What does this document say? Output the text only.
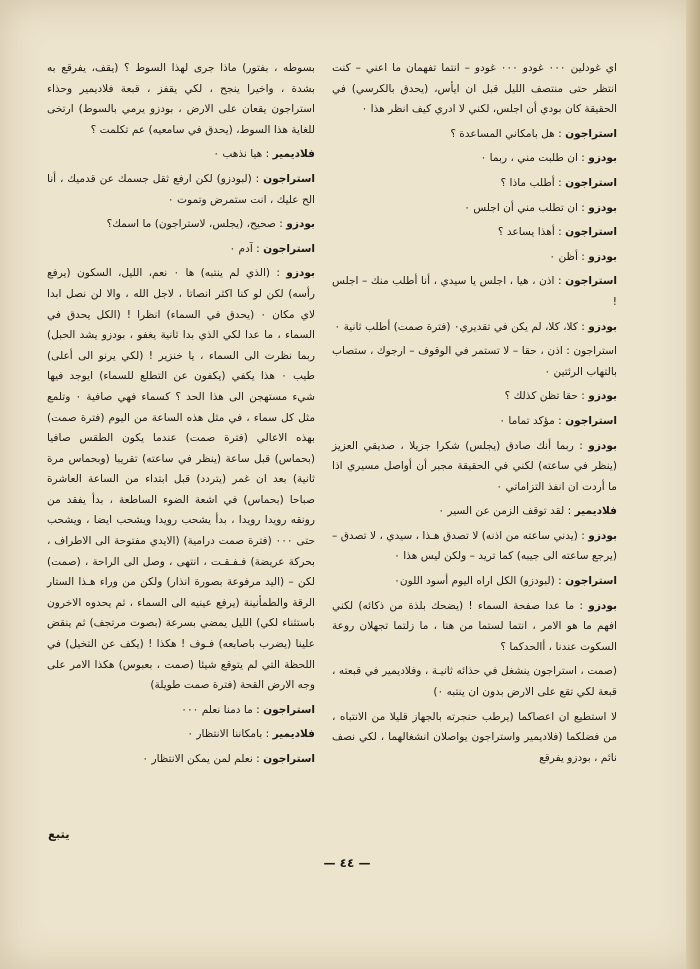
اي غودلين ٠٠٠ غودو ٠٠٠ غودو – انتما تفهمان ما اعني – كنت انتظر حتى منتصف الليل قبل ان ايأس، (يحدق بالكرسي) في الحقيقة كان بودي أن اجلس، لكني لا ادري كيف انظر هذا ٠

استراجون : هل بامكاني المساعدة ؟

بودزو : ان طلبت مني ، ربما ٠

استراجون : أطلب ماذا ؟

بودزو : ان تطلب مني أن اجلس ٠

استراجون : أهذا يساعد ؟

بودزو : أظن ٠

استراجون : اذن ، هيا ، اجلس يا سيدي ، أنا أطلب منك – اجلس !

بودزو : كلا، كلا، لم يكن في تقديري٠ (فترة صمت) أطلب ثانية ٠

استراجون : اذن ، حقا – لا تستمر في الوقوف – ارجوك ، ستصاب بالتهاب الرئتين ٠

بودزو : حقا تظن كذلك ؟

استراجون : مؤكد تماما ٠

بودزو : ربما أنك صادق (يجلس) شكرا جزيلا ، صديقي العزيز (ينظر في ساعته) لكني في الحقيقة مجبر أن أواصل مسيري اذا ما أردت ان انفذ التزاماتي ٠

فلاديمير : لقد توقف الزمن عن السير ٠

بودزو : (يدني ساعته من اذنه) لا تصدق هـذا ، سيدي ، لا تصدق – (يرجع ساعته الى جيبه) كما تريد – ولكن ليس هذا ٠

استراجون : (لبودزو) الكل اراه اليوم أسود اللون٠

بودزو : ما عدا صفحة السماء ! (يضحك بلذة من ذكائه) لكني افهم ما هو الامر ، انتما لستما من هنا ، ما زلتما تجهلان روعة السكوت عندنا ، أالحدكما ؟

(صمت ، استراجون ينشغل في حذائه ثانيـة ، وفلاديمير في قبعته ، قبعة لكي تقع على الارض بدون ان ينتبه ٠)

لا استطيع ان اعصاكما (يرطب حنجرته بالجهاز قليلا من الانتباه ، من فضلكما (فلاديمير واستراجون يواصلان انشغالهما ، لكي نصف نائم ، بودزو يفرقع

بسوطه ، بفتور) ماذا جرى لهذا السوط ؟ (يقف، يفرقع به بشدة ، واخيرا ينجح ، لكي يقفز ، قبعة فلاديمير وحذاء استراجون يقعان على الارض ، بودزو يرمي بالسوط) ارتخى للغاية هذا السوط، (يحدق في سامعيه) عم تكلمت ؟

فلاديمير : هيا نذهب ٠

استراجون : (لبودزو) لكن ارفع ثقل جسمك عن قدميك ، أنا الح عليك ، انت ستمرض وتموت ٠

بودزو : صحيح، (يجلس، لاستراجون) ما اسمك؟

استراجون : آدم ٠

بودزو : (الذي لم ينتبه) ها ٠ نعم، الليل، السكون (يرفع رأسه) لكن لو كنا اكثر انصاتا ، لاجل الله ، والا لن نصل ابدا لاي مكان ٠ (يحدق في السماء) انظرا ! (الكل يحدق في السماء ، ما عدا لكي الذي بدا ثانية يغفو ، بودزو يشد الحبل) ربما نظرت الى السماء ، يا خنزير ! (لكي يرنو الى أعلى) طيب ٠ هذا يكفي (يكفون عن التطلع للسماء) ايوجد فيها شيء مستهجن الى هذا الحد ؟ كسماء فهي صافية ٠ وتلمع مثل كل سماء ، في مثل هذه الساعة من اليوم (فترة صمت) بهذه الاعالي (فترة صمت) عندما يكون الطقس صافيا (بحماس) قبل ساعة (ينظر في ساعته) تقريبا (وبحماس مرة ثانية) بعد ان غمر (يتردد) قبل ابتداء من الساعة العاشرة صباحا (بحماس) في اشعة الضوء الساطعة ، بدأ يفقد من رونقه رويدا رويدا ، بدأ يشحب رويدا ويشحب ايضا ، ويشحب حتى ٠٠٠ (فترة صمت درامية) (الايدي مفتوحة الى الاطراف ، بحركة عريضة) فـفـقـت ، انتهى ، وصل الى الراحة ، (صمت) لكن – (اليد مرفوعة بصورة انذار) ولكن من وراء هـذا الستار الرقة والطمأنينة (يرفع عينيه الى السماء ، ثم يحدوه الاخرون باستثناء لكي) الليل يمضي بسرعة (بصوت مرتجف) ثم ينقض علينا (يضرب باصابعه) فـوف ! هكذا ! (يكف عن التخيل) في اللحظة التي لم يتوقع شيئا (صمت ، بعبوس) هكذا الامر على وجه الارض القحة (فترة صمت طويلة)

استراجون : ما دمنا نعلم ٠٠٠

فلاديمير : بامكاننا الانتظار ٠

استراجون : نعلم لمن يمكن الانتظار ٠

يتبع
— ٤٤ —
